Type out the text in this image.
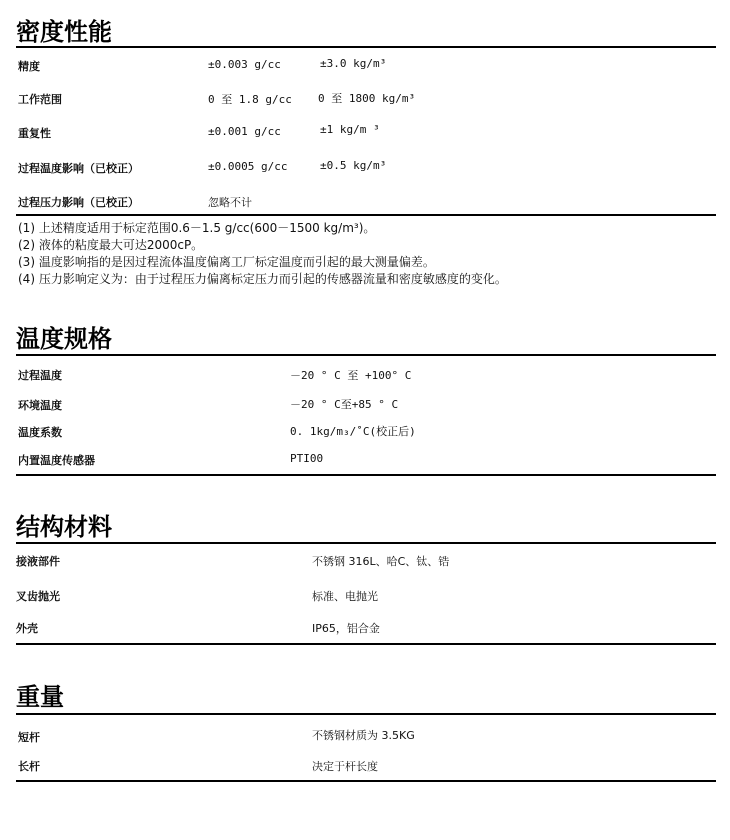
密度性能
精度	±0.003 g/cc	±3.0 kg/m³
工作范围	0 至 1.8 g/cc 0 至 1800 kg/m³
重复性	±0.001 g/cc	±1 kg/m ³
过程温度影响（已校正）	±0.0005 g/cc	±0.5 kg/m³
过程压力影响（已校正）	忽略不计
(1) 上述精度适用于标定范围0.6－1.5 g/cc(600－1500 kg/m³)。
(2) 液体的粘度最大可达2000cP。
(3) 温度影响指的是因过程流体温度偏离工厂标定温度而引起的最大测量偏差。
(4) 压力影响定义为：由于过程压力偏离标定压力而引起的传感器流量和密度敏感度的变化。
温度规格
过程温度	－20 ° C 至 +100° C
环境温度	－20 ° C至+85 ° C
温度系数	0. 1kg/m₃/˚C(校正后)
内置温度传感器	PTI00
结构材料
接液部件	不锈钢 316L、哈C、钛、锆
叉齿抛光	标准、电抛光
外壳	IP65，铝合金
重量
短杆	不锈钢材质为 3.5KG
长杆	决定于杆长度
